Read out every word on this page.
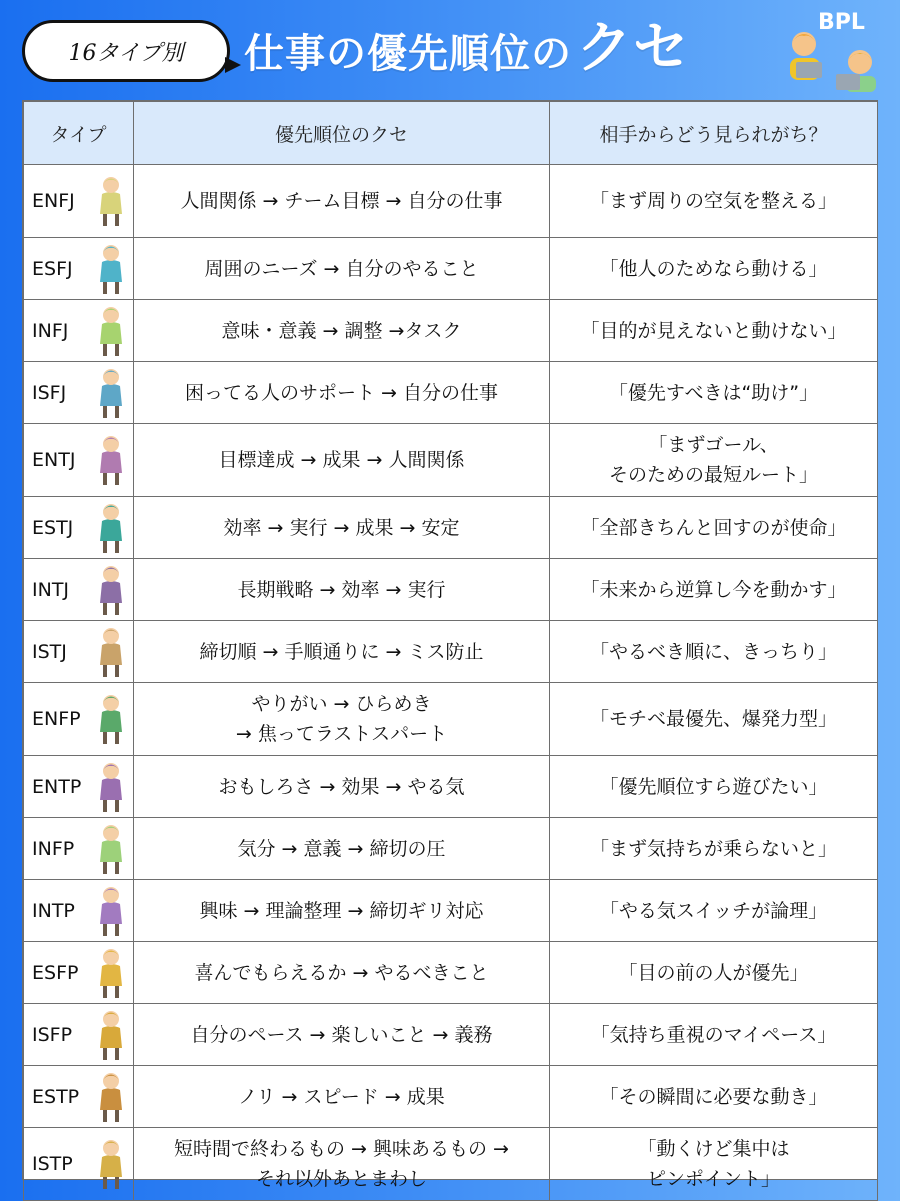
16タイプ別 仕事の優先順位の クセ	BPL
タイプ	優先順位のクセ	相手からどう見られがち？
ENFJ	人間関係 → チーム目標 → 自分の仕事	「まず周りの空気を整える」
ESFJ	周囲のニーズ → 自分のやること	「他人のためなら動ける」
INFJ	意味・意義 → 調整 →タスク	「目的が見えないと動けない」
ISFJ	困ってる人のサポート → 自分の仕事	「優先すべきは“助け”」
ENTJ	目標達成 → 成果 → 人間関係	「まずゴール、
そのための最短ルート」
ESTJ	効率 → 実行 → 成果 → 安定	「全部きちんと回すのが使命」
INTJ	長期戦略 → 効率 → 実行	「未来から逆算し今を動かす」
ISTJ	締切順 → 手順通りに → ミス防止	「やるべき順に、きっちり」
ENFP	やりがい → ひらめき
→ 焦ってラストスパート	「モチベ最優先、爆発力型」
ENTP	おもしろさ → 効果 → やる気	「優先順位すら遊びたい」
INFP	気分 → 意義 → 締切の圧	「まず気持ちが乗らないと」
INTP	興味 → 理論整理 → 締切ギリ対応	「やる気スイッチが論理」
ESFP	喜んでもらえるか → やるべきこと	「目の前の人が優先」
ISFP	自分のペース → 楽しいこと → 義務	「気持ち重視のマイペース」
ESTP	ノリ → スピード → 成果	「その瞬間に必要な動き」
ISTP	短時間で終わるもの → 興味あるもの →
それ以外あとまわし	「動くけど集中は
ピンポイント」
